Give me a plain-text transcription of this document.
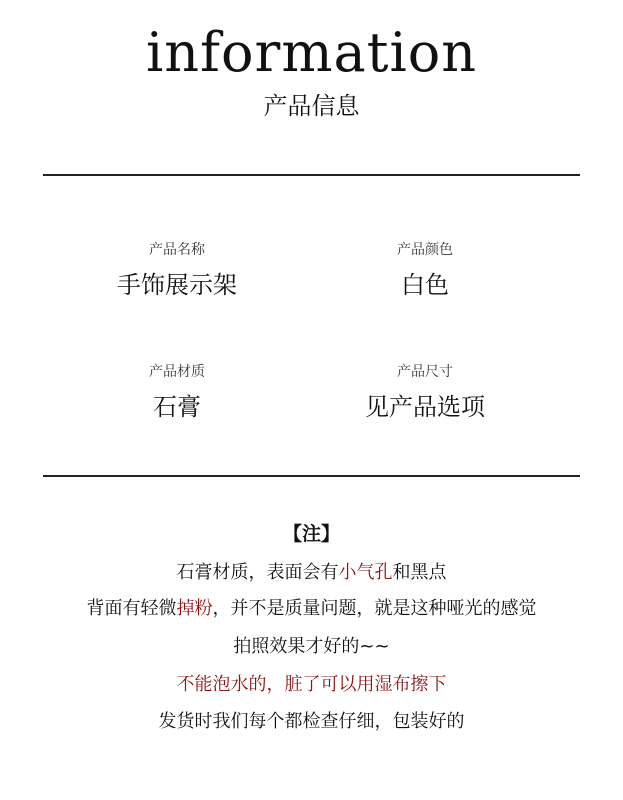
information
产品信息
产品名称
手饰展示架
产品颜色
白色
产品材质
石膏
产品尺寸
见产品选项
【注】
石膏材质，表面会有小气孔和黑点
背面有轻微掉粉，并不是质量问题，就是这种哑光的感觉
拍照效果才好的~~
不能泡水的，脏了可以用湿布擦下
发货时我们每个都检查仔细，包装好的
